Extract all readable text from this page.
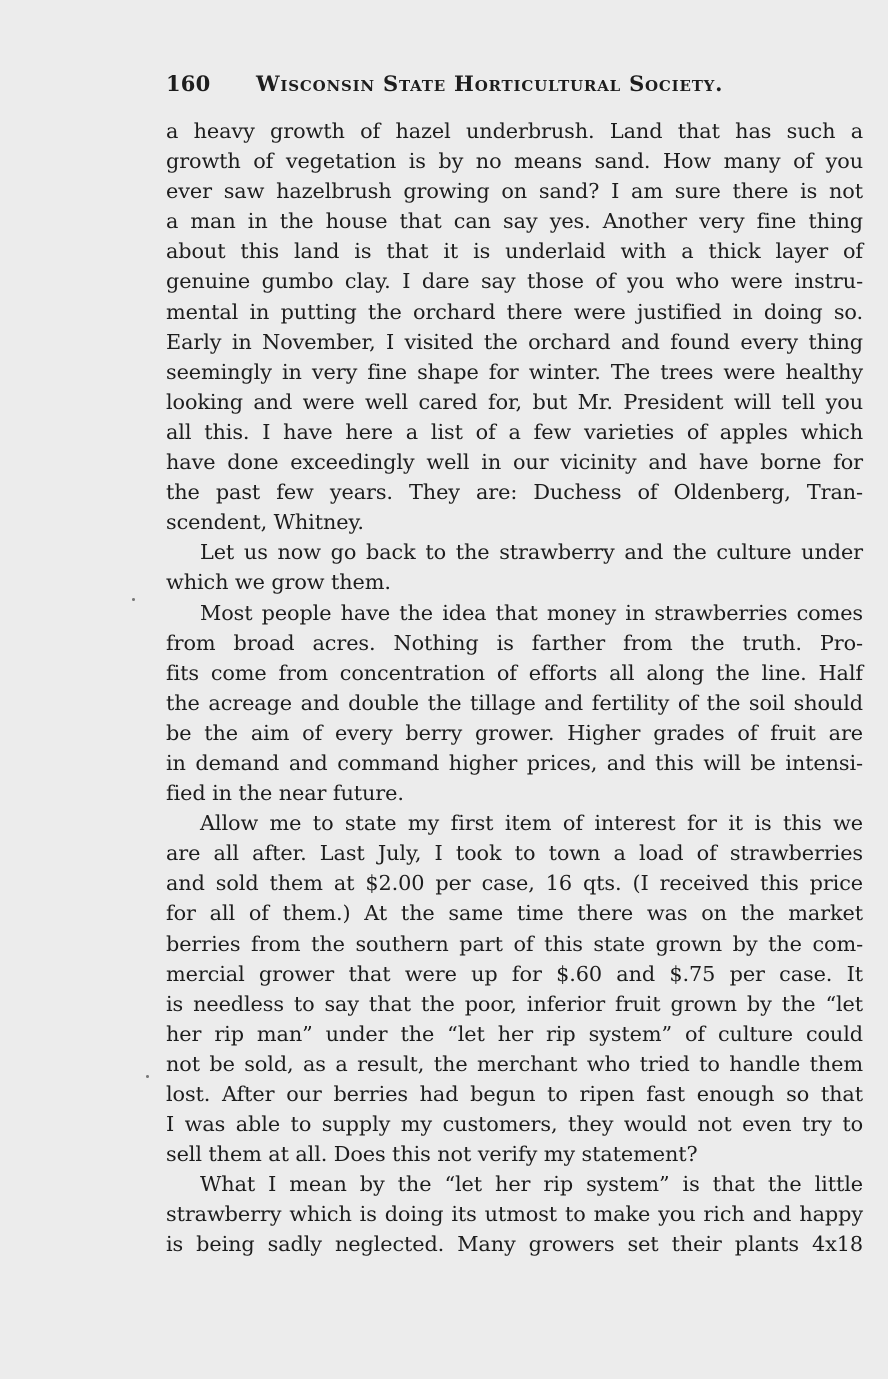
160 Wisconsin State Horticultural Society.
a heavy growth of hazel underbrush. Land that has such a
growth of vegetation is by no means sand. How many of you
ever saw hazelbrush growing on sand? I am sure there is not
a man in the house that can say yes. Another very fine thing
about this land is that it is underlaid with a thick layer of
genuine gumbo clay. I dare say those of you who were instru-
mental in putting the orchard there were justified in doing so.
Early in November, I visited the orchard and found every thing
seemingly in very fine shape for winter. The trees were healthy
looking and were well cared for, but Mr. President will tell you
all this. I have here a list of a few varieties of apples which
have done exceedingly well in our vicinity and have borne for
the past few years. They are: Duchess of Oldenberg, Tran-
scendent, Whitney.
Let us now go back to the strawberry and the culture under
which we grow them.
Most people have the idea that money in strawberries comes
from broad acres. Nothing is farther from the truth. Pro-
fits come from concentration of efforts all along the line. Half
the acreage and double the tillage and fertility of the soil should
be the aim of every berry grower. Higher grades of fruit are
in demand and command higher prices, and this will be intensi-
fied in the near future.
Allow me to state my first item of interest for it is this we
are all after. Last July, I took to town a load of strawberries
and sold them at $2.00 per case, 16 qts. (I received this price
for all of them.) At the same time there was on the market
berries from the southern part of this state grown by the com-
mercial grower that were up for $.60 and $.75 per case. It
is needless to say that the poor, inferior fruit grown by the “let
her rip man” under the “let her rip system” of culture could
not be sold, as a result, the merchant who tried to handle them
lost. After our berries had begun to ripen fast enough so that
I was able to supply my customers, they would not even try to
sell them at all. Does this not verify my statement?
What I mean by the “let her rip system” is that the little
strawberry which is doing its utmost to make you rich and happy
is being sadly neglected. Many growers set their plants 4x18
